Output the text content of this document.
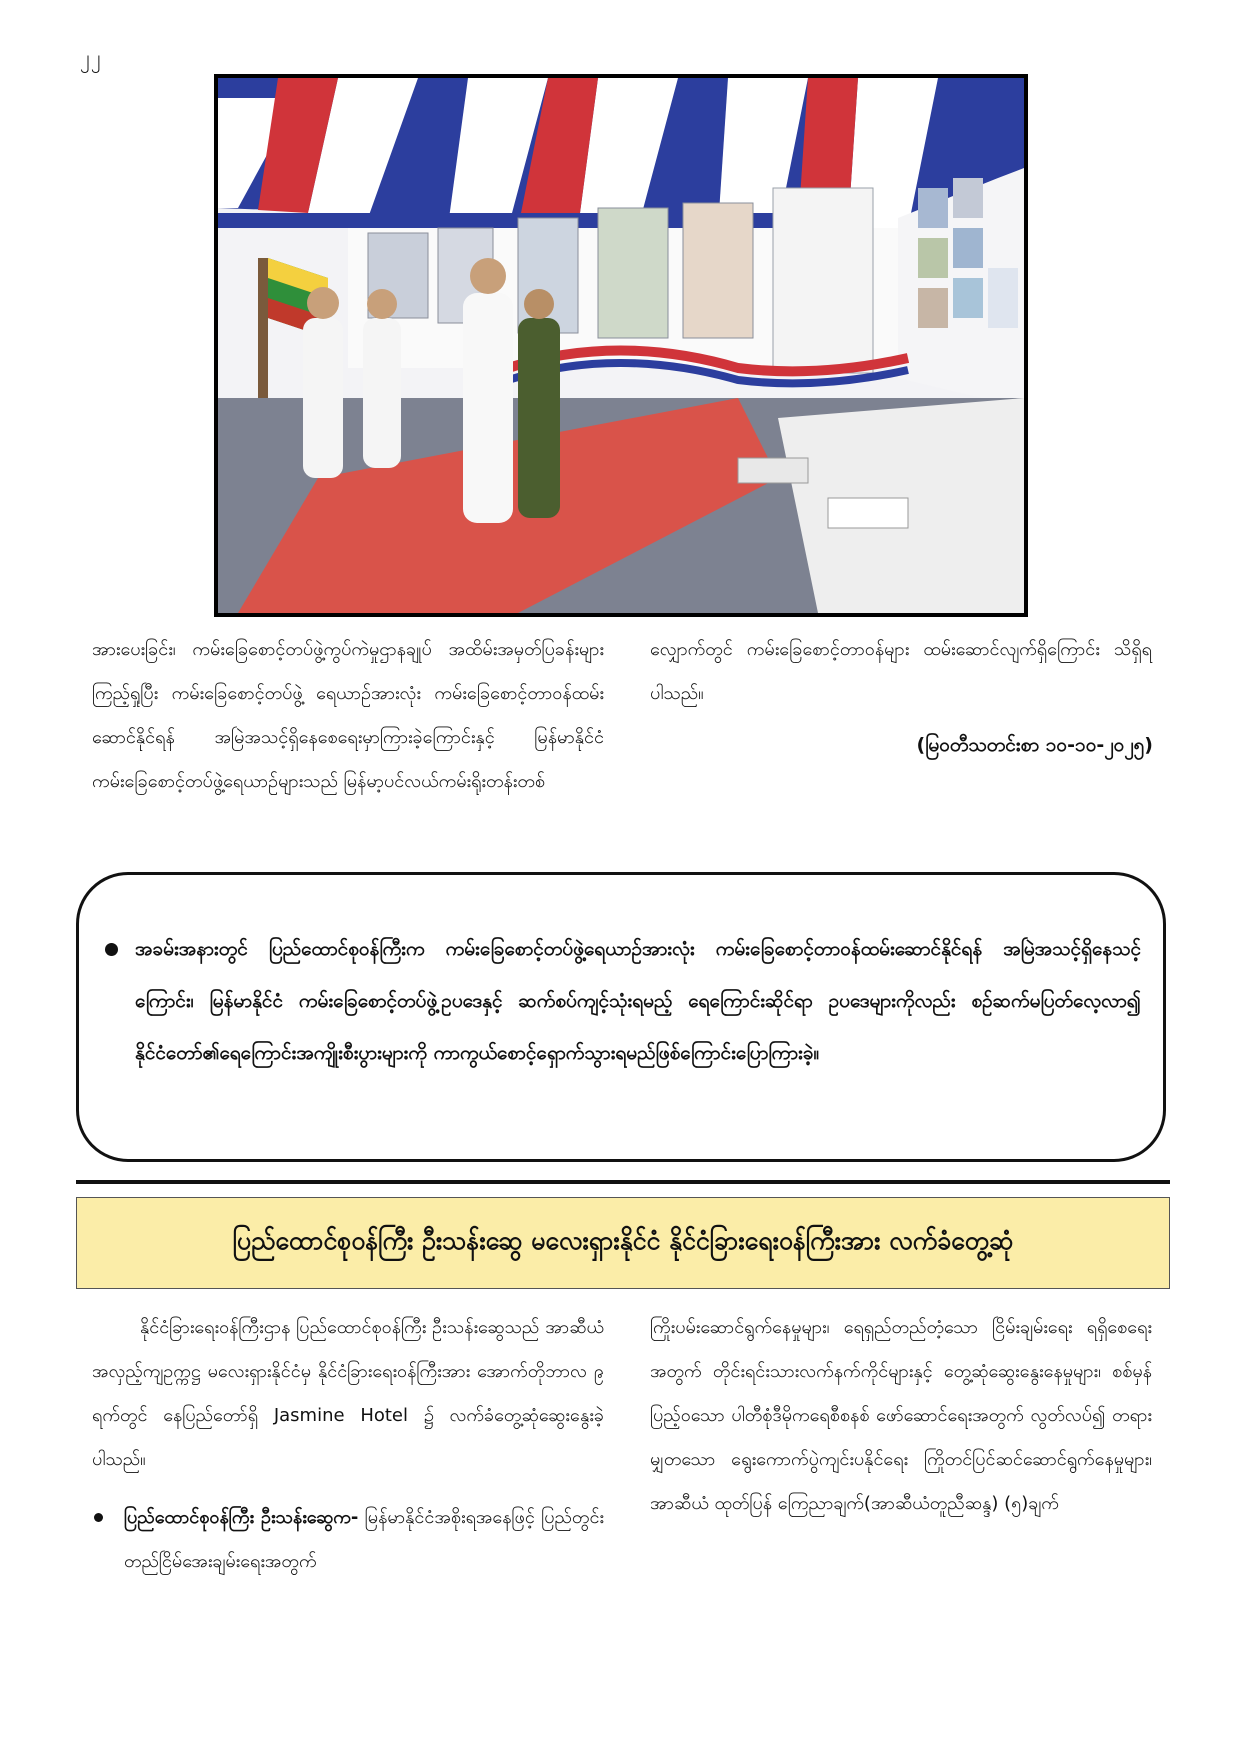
၂၂

အားပေးခြင်း၊ ကမ်းခြေစောင့်တပ်ဖွဲ့ကွပ်ကဲမှုဌာနချုပ် အထိမ်းအမှတ်ပြခန်းများ ကြည့်ရှုပြီး ကမ်းခြေစောင့်တပ်ဖွဲ့ ရေယာဉ်အားလုံး ကမ်းခြေစောင့်တာဝန်ထမ်းဆောင်နိုင်ရန် အမြဲအသင့်ရှိနေစေရေးမှာကြားခဲ့ကြောင်းနှင့် မြန်မာနိုင်ငံကမ်းခြေစောင့်တပ်ဖွဲ့ရေယာဉ်များသည် မြန်မာ့ပင်လယ်ကမ်းရိုးတန်းတစ်

လျှောက်တွင် ကမ်းခြေစောင့်တာဝန်များ ထမ်းဆောင်လျက်ရှိကြောင်း သိရှိရပါသည်။

(မြဝတီသတင်းစာ ၁၀-၁၀-၂၀၂၅)
အခမ်းအနားတွင် ပြည်ထောင်စုဝန်ကြီးက ကမ်းခြေစောင့်တပ်ဖွဲ့ရေယာဉ်အားလုံး ကမ်းခြေစောင့်တာဝန်ထမ်းဆောင်နိုင်ရန် အမြဲအသင့်ရှိနေသင့်ကြောင်း၊ မြန်မာနိုင်ငံ ကမ်းခြေစောင့်တပ်ဖွဲ့ဥပဒေနှင့် ဆက်စပ်ကျင့်သုံးရမည့် ရေကြောင်းဆိုင်ရာ ဥပဒေများကိုလည်း စဉ်ဆက်မပြတ်လေ့လာ၍ နိုင်ငံတော်၏ရေကြောင်းအကျိုးစီးပွားများကို ကာကွယ်စောင့်ရှောက်သွားရမည်ဖြစ်ကြောင်းပြောကြားခဲ့။
ပြည်ထောင်စုဝန်ကြီး ဦးသန်းဆွေ မလေးရှားနိုင်ငံ နိုင်ငံခြားရေးဝန်ကြီးအား လက်ခံတွေ့ဆုံ

နိုင်ငံခြားရေးဝန်ကြီးဌာန ပြည်ထောင်စုဝန်ကြီး ဦးသန်းဆွေသည် အာဆီယံအလှည့်ကျဥက္ကဋ္ဌ မလေးရှားနိုင်ငံမှ နိုင်ငံခြားရေးဝန်ကြီးအား အောက်တိုဘာလ ၉ ရက်တွင် နေပြည်တော်ရှိ Jasmine Hotel ၌ လက်ခံတွေ့ဆုံဆွေးနွေးခဲ့ပါသည်။

ပြည်ထောင်စုဝန်ကြီး ဦးသန်းဆွေက- မြန်မာနိုင်ငံအစိုးရအနေဖြင့် ပြည်တွင်းတည်ငြိမ်အေးချမ်းရေးအတွက်

ကြိုးပမ်းဆောင်ရွက်နေမှုများ၊ ရေရှည်တည်တံ့သော ငြိမ်းချမ်းရေး ရရှိစေရေးအတွက် တိုင်းရင်းသားလက်နက်ကိုင်များနှင့် တွေ့ဆုံဆွေးနွေးနေမှုများ၊ စစ်မှန်ပြည့်ဝသော ပါတီစုံဒီမိုကရေစီစနစ် ဖော်ဆောင်ရေးအတွက် လွတ်လပ်၍ တရားမျှတသော ရွေးကောက်ပွဲကျင်းပနိုင်ရေး ကြိုတင်ပြင်ဆင်ဆောင်ရွက်နေမှုများ၊ အာဆီယံ ထုတ်ပြန် ကြေညာချက်(အာဆီယံတူညီဆန္ဒ) (၅)ချက်
